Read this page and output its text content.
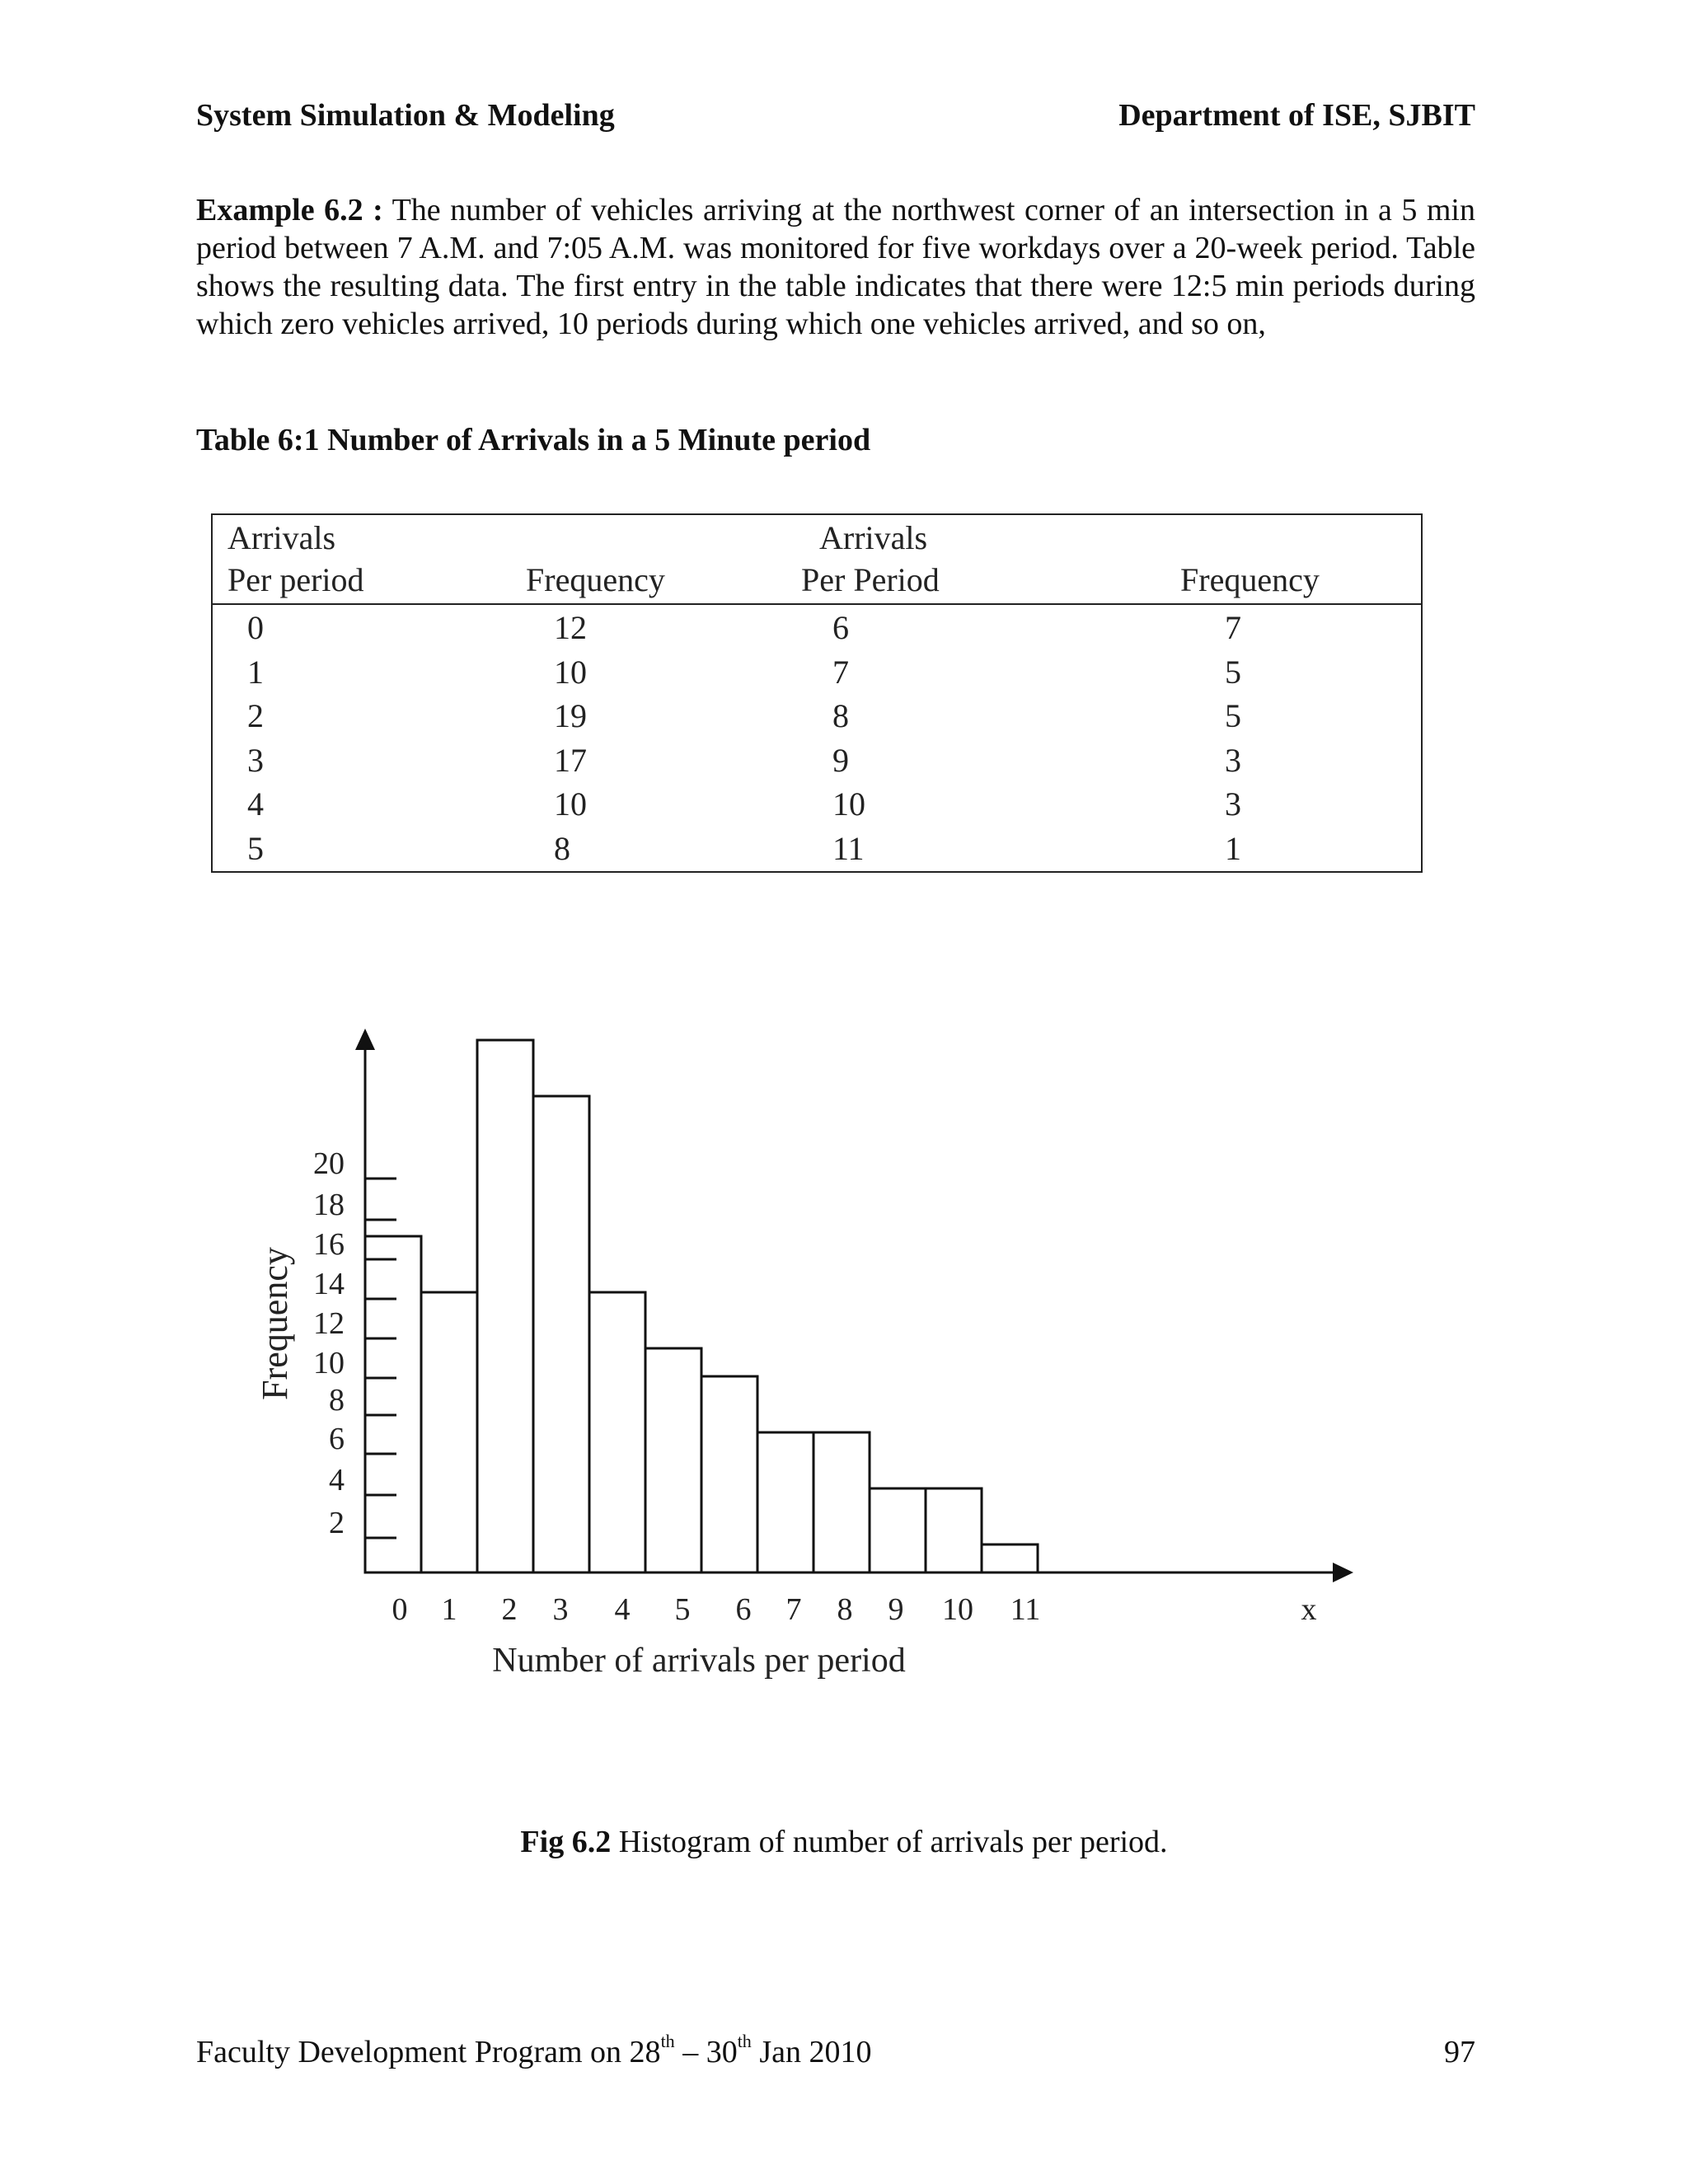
System Simulation & Modeling	Department of ISE, SJBIT
Example 6.2 : The number of vehicles arriving at the northwest corner of an intersection in a 5 min period between 7 A.M. and 7:05 A.M. was monitored for five workdays over a 20-week period. Table shows the resulting data. The first entry in the table indicates that there were 12:5 min periods during which zero vehicles arrived, 10 periods during which one vehicles arrived, and so on,
Table 6:1 Number of Arrivals in a 5 Minute period
Arrivals
Per period	Frequency
Arrivals
Per Period	Frequency
0	12	6	7
1	10	7	5
2	19	8	5
3	17	9	3
4	10	10	3
5	8	11	1
2
4
6
8
10
12
14
16
18
20
0 1 2 3 4 5 6 7 8 9 10 11	x
Number of arrivals per period
Frequency
Fig 6.2 Histogram of number of arrivals per period.
Faculty Development Program on 28th – 30th Jan 2010	97
